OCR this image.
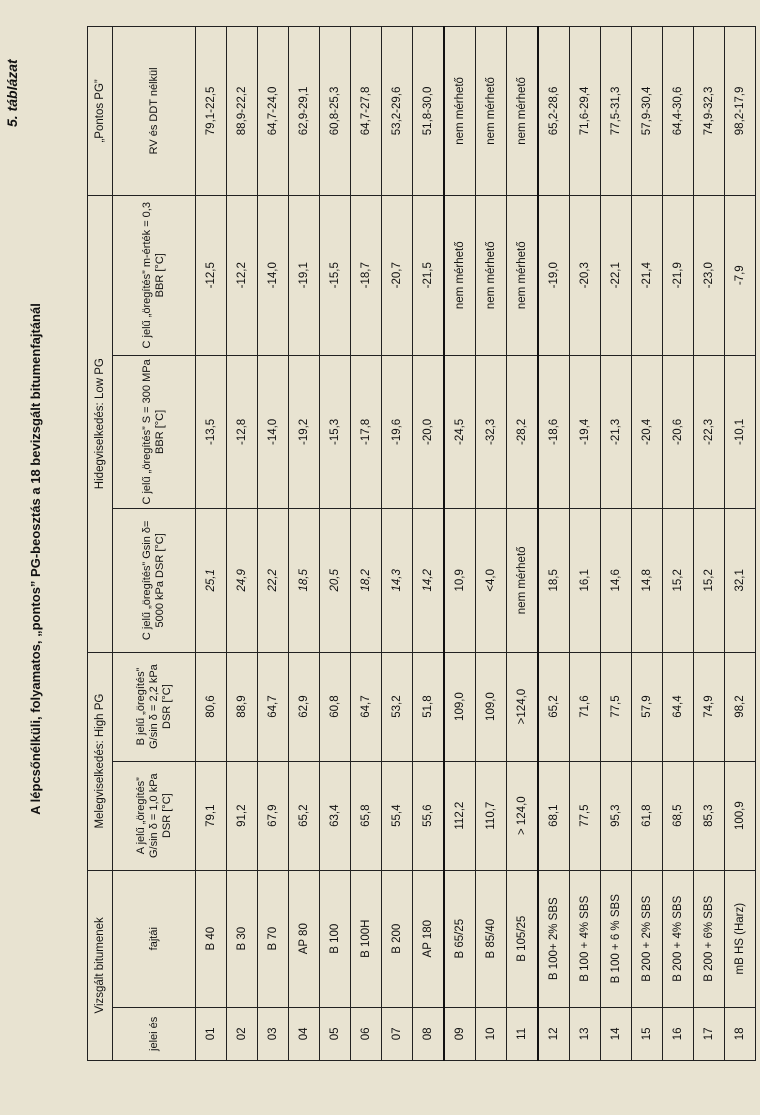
5. táblázat
A lépcsőnélküli, folyamatos, „pontos” PG-beosztás a 18 bevizsgált bitumenfajtánál
Vizsgált bitumenek		Melegviselkedés: High PG		Hidegviselkedés: Low PG			„Pontos PG”
jelei és	fajtái	A jelű „öregítés” G/sin δ = 1,0 kPa DSR [°C]	B jelű „öregítés” G/sin δ = 2,2 kPa DSR [°C]	C jelű „öregítés” Gsin δ= 5000 kPa DSR [°C]	C jelű „öregítés” S = 300 MPa BBR [°C]	C jelű „öregítés” m-érték = 0,3 BBR [°C]	RV és DDT nélkül
01	B 40	79,1	80,6	25,1	-13,5	-12,5	79,1-22,5
02	B 30	91,2	88,9	24,9	-12,8	-12,2	88,9-22,2
03	B 70	67,9	64,7	22,2	-14,0	-14,0	64,7-24,0
04	AP 80	65,2	62,9	18,5	-19,2	-19,1	62,9-29,1
05	B 100	63,4	60,8	20,5	-15,3	-15,5	60,8-25,3
06	B 100H	65,8	64,7	18,2	-17,8	-18,7	64,7-27,8
07	B 200	55,4	53,2	14,3	-19,6	-20,7	53,2-29,6
08	AP 180	55,6	51,8	14,2	-20,0	-21,5	51,8-30,0
09	B 65/25	112,2	109,0	10,9	-24,5	nem mérhető	nem mérhető
10	B 85/40	110,7	109,0	<4,0	-32,3	nem mérhető	nem mérhető
11	B 105/25	> 124,0	>124,0	nem mérhető	-28,2	nem mérhető	nem mérhető
12	B 100+ 2% SBS	68,1	65,2	18,5	-18,6	-19,0	65,2-28,6
13	B 100 + 4% SBS	77,5	71,6	16,1	-19,4	-20,3	71,6-29,4
14	B 100 + 6 % SBS	95,3	77,5	14,6	-21,3	-22,1	77,5-31,3
15	B 200 + 2% SBS	61,8	57,9	14,8	-20,4	-21,4	57,9-30,4
16	B 200 + 4% SBS	68,5	64,4	15,2	-20,6	-21,9	64,4-30,6
17	B 200 + 6% SBS	85,3	74,9	15,2	-22,3	-23,0	74,9-32,3
18	mB HS (Harz)	100,9	98,2	32,1	-10,1	-7,9	98,2-17,9
